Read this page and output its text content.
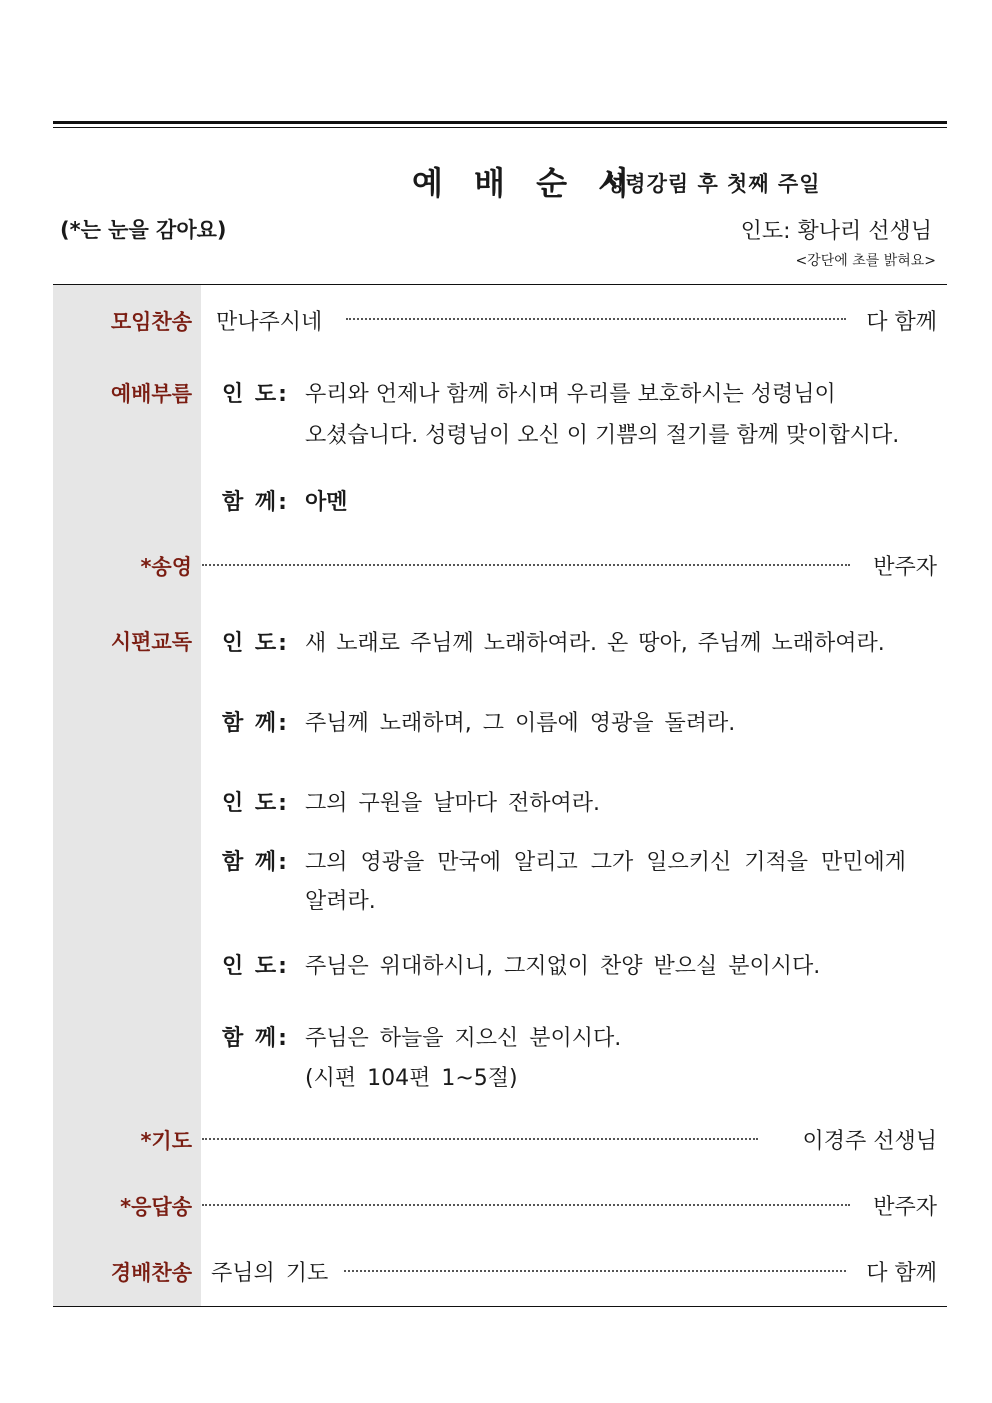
예 배 순 서
성령강림 후 첫째 주일
(*는 눈을 감아요)	인도: 황나리 선생님
<강단에 초를 밝혀요>
모임찬송 만나주시네	다 함께
예배부름 인 도: 우리와 언제나 함께 하시며 우리를 보호하시는 성령님이
오셨습니다. 성령님이 오신 이 기쁨의 절기를 함께 맞이합시다.
함 께: 아멘
*송영	반주자
시편교독 인 도: 새 노래로 주님께 노래하여라. 온 땅아, 주님께 노래하여라.
함 께: 주님께 노래하며, 그 이름에 영광을 돌려라.
인 도: 그의 구원을 날마다 전하여라.
함 께: 그의 영광을 만국에 알리고 그가 일으키신 기적을 만민에게
알려라.
인 도: 주님은 위대하시니, 그지없이 찬양 받으실 분이시다.
함 께: 주님은 하늘을 지으신 분이시다.
(시편 104편 1~5절)
*기도	이경주 선생님
*응답송	반주자
경배찬송 주님의 기도	다 함께
